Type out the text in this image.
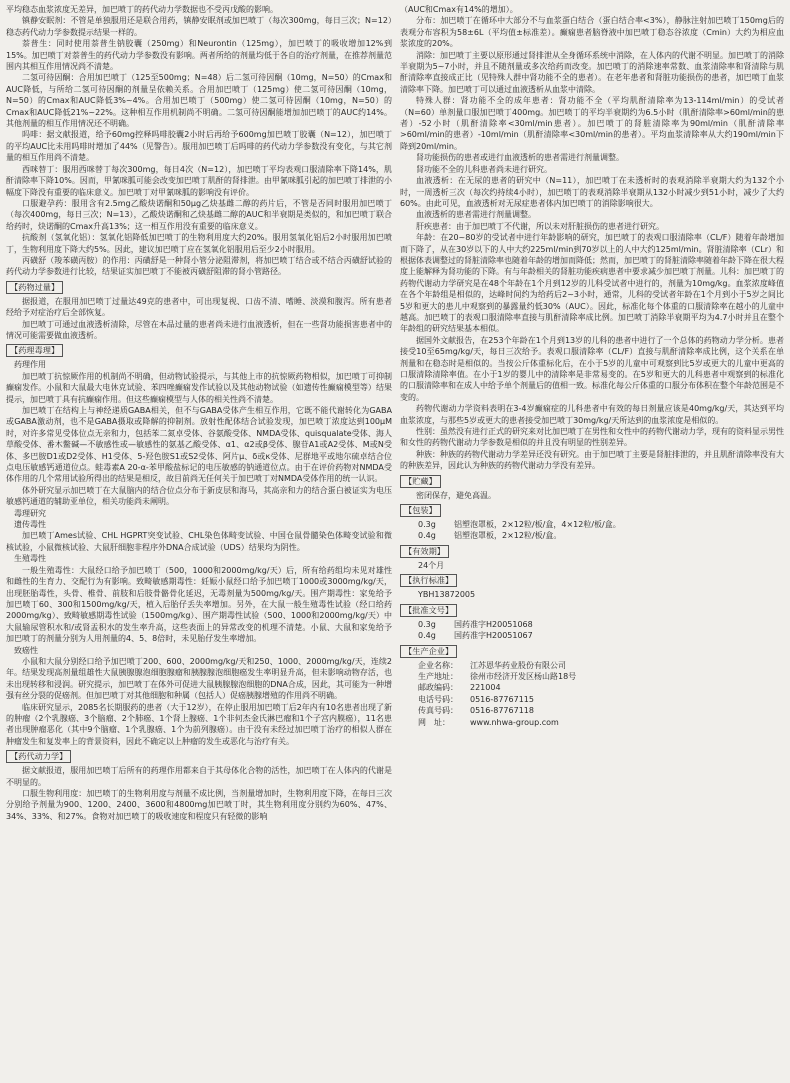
平均稳态血浆浓度无差异，加巴喷丁的药代动力学数据也不受丙戊酸的影响。

镇静安眠剂：不管是单独服用还是联合用药，镇静安眠剂或加巴喷丁（每次300mg，每日三次；N=12）稳态药代动力学参数提示结果一样的。

萘普生：同时使用萘普生钠胶囊（250mg）和Neurontin（125mg），加巴喷丁的吸收增加12%到15%。加巴喷丁对萘普生的药代动力学参数没有影响。两者所给的剂量均低于各自的治疗剂量，在推荐剂量范围内其相互作用情况尚不清楚。

二氢可待因酮：合用加巴喷丁（125至500mg；N=48）后二氢可待因酮（10mg，N=50）的Cmax和AUC降低，与所给二氢可待因酮的剂量呈依赖关系。合用加巴喷丁（125mg）使二氢可待因酮（10mg，N=50）的Cmax和AUC降低3%~4%。合用加巴喷丁（500mg）使二氢可待因酮（10mg，N=50）的Cmax和AUC降低21%~22%。这种相互作用机制尚不明确。二氢可待因酮能增加加巴喷丁的AUC约14%。其他剂量的相互作用情况还不明确。

吗啡：据文献报道，给予60mg控释吗啡胶囊2小时后再给予600mg加巴喷丁胶囊（N=12），加巴喷丁的平均AUC比未用吗啡时增加了44%（见警告）。服用加巴喷丁后吗啡的药代动力学参数没有变化，与其它剂量的相互作用尚不清楚。

西咪替丁：服用西咪替丁每次300mg，每日4次（N=12），加巴喷丁平均表观口服清除率下降14%，肌酐清除率下降10%。因而，甲氰咪胍可能会改变加巴喷丁肌酐的肾排泄。由甲氰咪胍引起的加巴喷丁排泄的小幅度下降没有重要的临床意义。加巴喷丁对甲氰咪胍的影响没有评价。

口服避孕药：服用含有2.5mg乙酸炔诺酮和50μg乙炔基雌二醇的药片后，不管是否同时服用加巴喷丁（每次400mg，每日三次；N=13），乙酸炔诺酮和乙炔基雌二醇的AUC和半衰期是类似的，和加巴喷丁联合给药时，炔诺酮的Cmax升高13%；这一相互作用没有重要的临床意义。

抗酸剂（氢氧化铝）：氢氧化铝降低加巴喷丁的生物利用度大约20%。服用氢氧化铝后2小时服用加巴喷丁，生物利用度下降大约5%。因此，建议加巴喷丁应在氢氧化铝服用后至少2小时服用。

丙磺舒（羧苯磺丙胺）的作用：丙磺舒是一种肾小管分泌阻滞剂，将加巴喷丁结合或不结合丙磺舒试验的药代动力学参数进行比较，结果证实加巴喷丁不能被丙磺舒阻滞的肾小管路径。

【药物过量】

据报道，在服用加巴喷丁过量达49克的患者中，可出现复视、口齿不清、嗜睡、淡漠和腹泻。所有患者经给予对症治疗后全部恢复。

加巴喷丁可通过血液透析清除，尽管在本品过量的患者尚未进行血液透析，但在一些肾功能损害患者中的情况可能需要做血液透析。

【药理毒理】

药理作用

加巴喷丁抗惊厥作用的机制尚不明确，但动物试验提示，与其他上市的抗惊厥药物相似，加巴喷丁可抑制癫痫发作。小鼠和大鼠最大电休克试验、苯四唑癫痫发作试验以及其他动物试验（如遗传性癫痫模型等）结果提示，加巴喷丁具有抗癫痫作用。但这些癫痫模型与人体的相关性尚不清楚。

加巴喷丁在结构上与神经递质GABA相关，但不与GABA受体产生相互作用，它既不能代谢转化为GABA或GABA激动剂，也不是GABA摄取或降解的抑制剂。放射性配体结合试验发现，加巴喷丁浓度达到100μM时，对许多常见受体位点无亲和力，包括苯二氮卓受体、谷氨酸受体、NMDA受体、quisqualate受体、海人草酸受体、番木鳖碱—不敏感性或—敏感性的氨基乙酸受体、α1、α2或β受体、腺苷A1或A2受体、M或N受体、多巴胺D1或D2受体、H1受体、5-羟色胺S1或S2受体、阿片μ、δ或κ受体、尼群地平或地尔硫卓结合位点电压敏感钙通道位点。蛙毒素A 20-α-苯甲酸盐标记的电压敏感的钠通道位点。由于在评价药物对NMDA受体作用的几个常用试验所得出的结果是相反，故目前尚无任何关于加巴喷丁对NMDA受体作用的统一认识。

体外研究显示加巴喷丁在大鼠脑内的结合位点分布于新皮层和海马，其高亲和力的结合蛋白被证实为电压敏感钙通道的辅助亚单位，相关功能尚未阐明。

毒理研究

遗传毒性

加巴喷丁Ames试验、CHL HGPRT突变试验、CHL染色体畸变试验、中国仓鼠骨髓染色体畸变试验和微核试验，小鼠微核试验、大鼠肝细胞非程序外DNA合成试验（UDS）结果均为阴性。

生殖毒性

一般生殖毒性：大鼠经口给予加巴喷丁（500，1000和2000mg/kg/天）后，所有给药组均未见对雄性和雌性的生育力、交配行为有影响。致畸敏感期毒性：妊娠小鼠经口给予加巴喷丁1000或3000mg/kg/天，出现胚胎毒性，头骨、椎骨、前肢和后肢骨骼骨化延迟，无毒剂量为500mg/kg/天。围产期毒性：家兔给予加巴喷丁60、300和1500mg/kg/天，植入后胎仔丢失率增加。另外，在大鼠一般生殖毒性试验（经口给药2000mg/kg）、致畸敏感期毒性试验（1500mg/kg）、围产期毒性试验（500、1000和2000mg/kg/天）中大鼠输尿管积水和/或肾盂积水的发生率升高，这些表面上的异常改变的机理不清楚。小鼠、大鼠和家兔给予加巴喷丁的剂量分别为人用剂量的4、5、8倍时，未见胎仔发生率增加。

致癌性

小鼠和大鼠分别经口给予加巴喷丁200、600、2000mg/kg/天和250、1000、2000mg/kg/天，连续2年。结果发现高剂量组雄性大鼠胰腺腺泡细胞腺瘤和胰腺腺泡细胞癌发生率明显升高，但未影响动物存活，也未出现转移和浸润。研究提示，加巴喷丁在体外可促进大鼠胰腺腺泡细胞的DNA合成，因此，其可能为一种增强有丝分裂的促癌剂。但加巴喷丁对其他细胞和种属（包括人）促癌胰腺增殖的作用尚不明确。

临床研究显示，2085名长期服药的患者（大于12岁），在停止服用加巴喷丁后2年内有10名患者出现了新的肿瘤（2个乳腺癌、3个脑瘤、2个肺癌、1个肾上腺癌、1个非何杰金氏淋巴瘤和1个子宫内膜癌），11名患者出现肿瘤恶化（其中9个脑瘤、1个乳腺癌、1个为前列腺癌）。由于没有未经过加巴喷丁治疗的相似人群在肿瘤发生和复发率上的背景资料，因此不确定以上肿瘤的发生或恶化与治疗有关。

【药代动力学】

据文献报道，服用加巴喷丁后所有的药理作用都来自于其母体化合物的活性，加巴喷丁在人体内的代谢是不明显的。

口服生物利用度：加巴喷丁的生物利用度与剂量不成比例，当剂量增加时，生物利用度下降，在每日三次分别给予剂量为900、1200、2400、3600和4800mg加巴喷丁时，其生物利用度分别约为60%、47%、34%、33%、和27%。食物对加巴喷丁的吸收速度和程度只有轻微的影响

（AUC和Cmax有14%的增加）。

分布：加巴喷丁在循环中大部分不与血浆蛋白结合（蛋白结合率<3%），静脉注射加巴喷丁150mg后的表观分布容积为58±6L（平均值±标准差）。癫痫患者脑脊液中加巴喷丁稳态谷浓度（Cmin）大约为相应血浆浓度的20%。

消除：加巴喷丁主要以原形通过肾排泄从全身循环系统中消除，在人体内的代谢不明显。加巴喷丁的消除半衰期为5~7小时，并且不随剂量或多次给药而改变。加巴喷丁的消除速率常数、血浆清除率和肾清除与肌酐清除率直接成正比（见特殊人群中肾功能不全的患者）。在老年患者和肾脏功能损伤的患者，加巴喷丁血浆清除率下降。加巴喷丁可以通过血液透析从血浆中清除。

特殊人群：肾功能不全的成年患者：肾功能不全（平均肌酐清除率为13-114ml/min）的受试者（N=60）单剂量口服加巴喷丁400mg。加巴喷丁的平均半衰期约为6.5小时（肌酐清除率>60ml/min的患者）-52小时（肌酐清除率<30ml/min患者）。加巴喷丁的肾脏清除率为90ml/min（肌酐清除率>60ml/min的患者）-10ml/min（肌酐清除率<30ml/min的患者）。平均血浆清除率从大约190ml/min下降到20ml/min。

肾功能损伤的患者或进行血液透析的患者需进行剂量调整。

肾功能不全的儿科患者尚未进行研究。

血液透析：在无尿的患者的研究中（N=11），加巴喷丁在未透析时的表观消除半衰期大约为132个小时，一周透析三次（每次约持续4小时），加巴喷丁的表观消除半衰期从132小时减少到51小时，减少了大约60%。由此可见，血液透析对无尿症患者体内加巴喷丁的消除影响很大。

血液透析的患者需进行剂量调整。

肝疾患者：由于加巴喷丁不代谢，所以未对肝脏损伤的患者进行研究。

年龄：在20~80岁的受试者中进行年龄影响的研究，加巴喷丁的表观口服清除率（CL/F）随着年龄增加而下降了，从在30岁以下的人中大约225ml/min到70岁以上的人中大约125ml/min。肾脏清除率（CLr）和根据体表调整过的肾脏清除率也随着年龄的增加而降低；然而，加巴喷丁的肾脏清除率随着年龄下降在很大程度上能解释为肾功能的下降。有与年龄相关的肾脏功能疾病患者中要求减少加巴喷丁剂量。儿科：加巴喷丁的药物代谢动力学研究是在48个年龄在1个月到12岁的儿科受试者中进行的，剂量为10mg/kg。血浆浓度峰值在各个年龄组是相似的，达峰时间约为给药后2~3小时，通常，儿科的受试者年龄在1个月到小于5岁之间比5岁和更大的患儿中观察到的暴露量约低30%（AUC）。因此，标准化每个体重的口服清除率在越小的儿童中越高。加巴喷丁的表观口服清除率直接与肌酐清除率成比例。加巴喷丁消除半衰期平均为4.7小时并且在整个年龄组的研究结果基本相似。

据国外文献报告，在253个年龄在1个月到13岁的儿科的患者中进行了一个总体的药物动力学分析。患者接受10至65mg/kg/天，每日三次给予。表观口服清除率（CL/F）直接与肌酐清除率成比例，这个关系在单剂量和在稳态时是相似的。当按公斤体重标化后，在小于5岁的儿童中可观察到比5岁或更大的儿童中更高的口服清除清除率值。在小于1岁的婴儿中的清除率是非常易变的。在5岁和更大的儿科患者中观察到的标准化的口服清除率和在成人中给予单个剂量后的值相一致。标准化每公斤体重的口服分布体积在整个年龄范围是不变的。

药物代谢动力学资料表明在3-4岁癫痫症的儿科患者中有效的每日剂量应该是40mg/kg/天，其达到平均血浆浓度，与那些5岁或更大的患者接受加巴喷丁30mg/kg/天所达到的血浆浓度是相似的。

性别：虽然没有进行正式的研究来对比加巴喷丁在男性和女性中的药物代谢动力学，现有的资料显示男性和女性的药物代谢动力学参数是相似的并且没有明显的性别差异。

种族：种族的药物代谢动力学差异还没有研究。由于加巴喷丁主要是肾脏排泄的，并且肌酐清除率没有大的种族差异，因此认为种族的药物代谢动力学没有差异。

【贮藏】

密闭保存，避免高温。

【包装】
0.3g	铝塑泡罩板，2×12粒/板/盒，4×12粒/板/盒。
0.4g	铝塑泡罩板，2×12粒/板/盒。
【有效期】
24个月
【执行标准】
YBH13872005
【批准文号】
0.3g	国药准字H20051068
0.4g	国药准字H20051067
【生产企业】
企业名称：	江苏恩华药业股份有限公司
生产地址：	徐州市经济开发区杨山路18号
邮政编码：	221004
电话号码：	0516-87767115
传真号码：	0516-87767118
网　址：	www.nhwa-group.com
